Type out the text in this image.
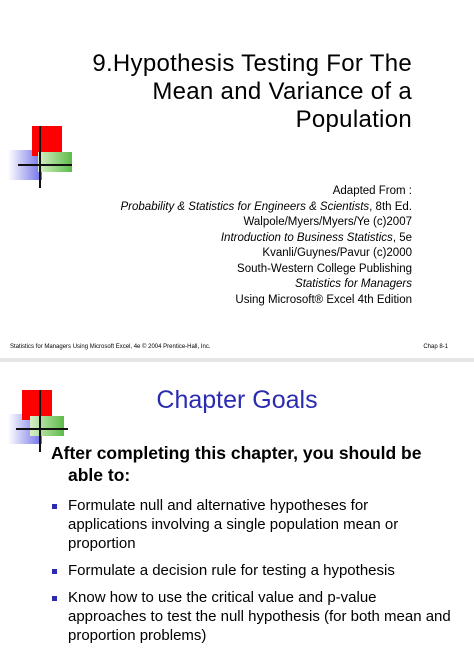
9.Hypothesis Testing For The
Mean and Variance of a
Population
Adapted From :
Probability & Statistics for Engineers & Scientists, 8th Ed.
Walpole/Myers/Myers/Ye (c)2007
Introduction to Business Statistics, 5e
Kvanli/Guynes/Pavur (c)2000
South-Western College Publishing
Statistics for Managers
Using Microsoft® Excel 4th Edition
Statistics for Managers Using Microsoft Excel, 4e © 2004 Prentice-Hall, Inc.	Chap 8-1
Chapter Goals
After completing this chapter, you should be
able to:
Formulate null and alternative hypotheses for applications involving a single population mean or proportion
Formulate a decision rule for testing a hypothesis
Know how to use the critical value and p-value approaches to test the null hypothesis (for both mean and proportion problems)
